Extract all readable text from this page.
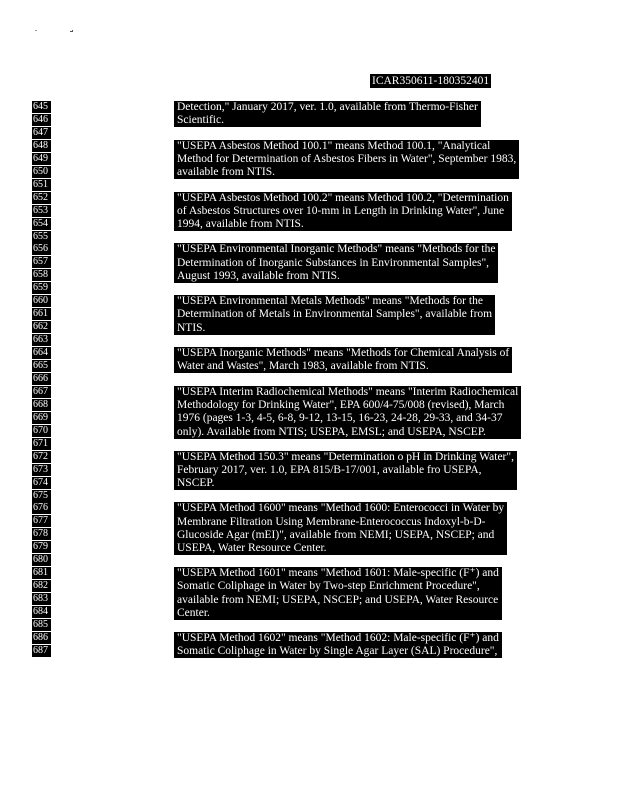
ICAR350611-180352401
645
646
647
648
649
650
651
652
653
654
655
656
657
658
659
660
661
662
663
664
665
666
667
668
669
670
671
672
673
674
675
676
677
678
679
680
681
682
683
684
685
686
687
Detection," January 2017, ver. 1.0, available from Thermo-Fisher
Scientific.
"USEPA Asbestos Method 100.1" means Method 100.1, "Analytical
Method for Determination of Asbestos Fibers in Water", September 1983,
available from NTIS.
"USEPA Asbestos Method 100.2" means Method 100.2, "Determination
of Asbestos Structures over 10-mm in Length in Drinking Water", June
1994, available from NTIS.
"USEPA Environmental Inorganic Methods" means "Methods for the
Determination of Inorganic Substances in Environmental Samples",
August 1993, available from NTIS.
"USEPA Environmental Metals Methods" means "Methods for the
Determination of Metals in Environmental Samples", available from
NTIS.
"USEPA Inorganic Methods" means "Methods for Chemical Analysis of
Water and Wastes", March 1983, available from NTIS.
"USEPA Interim Radiochemical Methods" means "Interim Radiochemical
Methodology for Drinking Water", EPA 600/4-75/008 (revised), March
1976 (pages 1-3, 4-5, 6-8, 9-12, 13-15, 16-23, 24-28, 29-33, and 34-37
only). Available from NTIS; USEPA, EMSL; and USEPA, NSCEP.
"USEPA Method 150.3" means "Determination o pH in Drinking Water",
February 2017, ver. 1.0, EPA 815/B-17/001, available fro USEPA,
NSCEP.
"USEPA Method 1600" means "Method 1600: Enterococci in Water by
Membrane Filtration Using Membrane-Enterococcus Indoxyl-b-D-
Glucoside Agar (mEI)", available from NEMI; USEPA, NSCEP; and
USEPA, Water Resource Center.
"USEPA Method 1601" means "Method 1601: Male-specific (F⁺) and
Somatic Coliphage in Water by Two-step Enrichment Procedure",
available from NEMI; USEPA, NSCEP; and USEPA, Water Resource
Center.
"USEPA Method 1602" means "Method 1602: Male-specific (F⁺) and
Somatic Coliphage in Water by Single Agar Layer (SAL) Procedure",
